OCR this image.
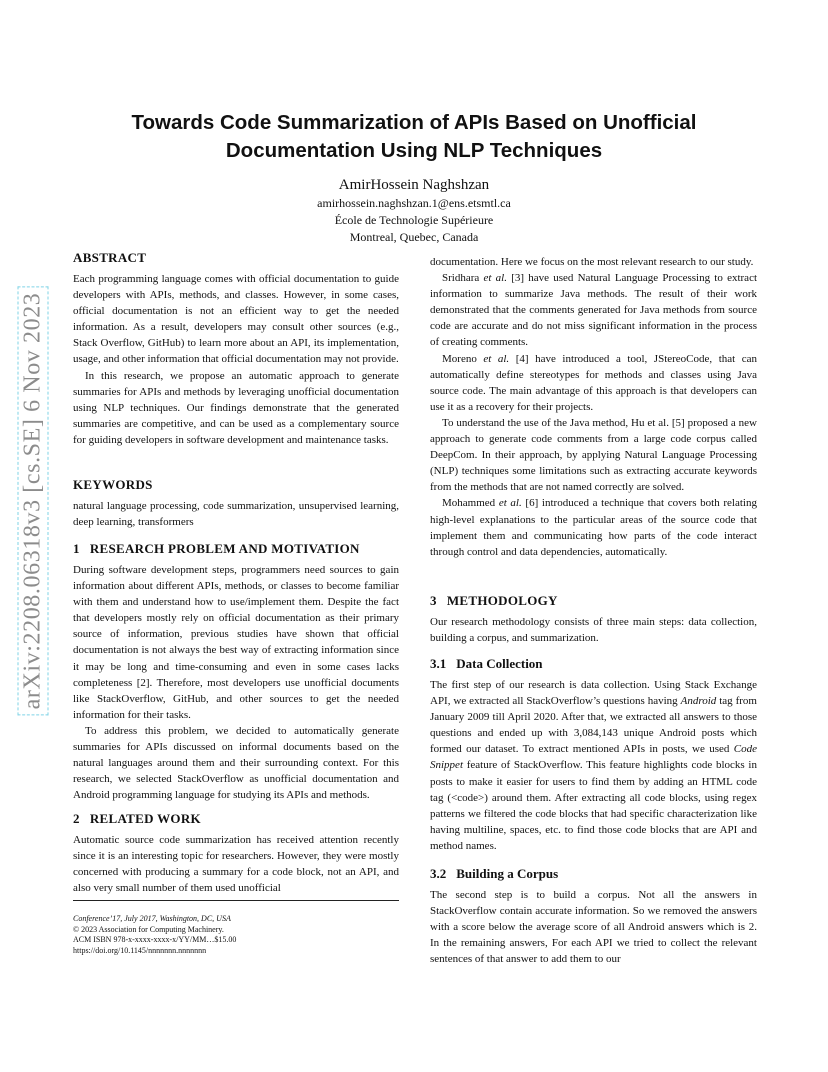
Towards Code Summarization of APIs Based on Unofficial
Documentation Using NLP Techniques
AmirHossein Naghshzan
amirhossein.naghshzan.1@ens.etsmtl.ca
École de Technologie Supérieure
Montreal, Quebec, Canada
arXiv:2208.06318v3 [cs.SE] 6 Nov 2023
ABSTRACT

Each programming language comes with official documentation to guide developers with APIs, methods, and classes. However, in some cases, official documentation is not an efficient way to get the needed information. As a result, developers may consult other sources (e.g., Stack Overflow, GitHub) to learn more about an API, its implementation, usage, and other information that official documentation may not provide.

In this research, we propose an automatic approach to generate summaries for APIs and methods by leveraging unofficial documentation using NLP techniques. Our findings demonstrate that the generated summaries are competitive, and can be used as a complementary source for guiding developers in software development and maintenance tasks.

KEYWORDS

natural language processing, code summarization, unsupervised learning, deep learning, transformers

1 RESEARCH PROBLEM AND MOTIVATION

During software development steps, programmers need sources to gain information about different APIs, methods, or classes to become familiar with them and understand how to use/implement them. Despite the fact that developers mostly rely on official documentation as their primary source of information, previous studies have shown that official documentation is not always the best way of extracting information since it may be long and time-consuming and even in some cases lacks completeness [2]. Therefore, most developers use unofficial documents like StackOverflow, GitHub, and other sources to get the needed information for their tasks.

To address this problem, we decided to automatically generate summaries for APIs discussed on informal documents based on the natural languages around them and their surrounding context. For this research, we selected StackOverflow as unofficial documentation and Android programming language for studying its APIs and methods.

2 RELATED WORK

Automatic source code summarization has received attention recently since it is an interesting topic for researchers. However, they were mostly concerned with producing a summary for a code block, not an API, and also very small number of them used unofficial

Conference’17, July 2017, Washington, DC, USA
© 2023 Association for Computing Machinery.
ACM ISBN 978-x-xxxx-xxxx-x/YY/MM…$15.00
https://doi.org/10.1145/nnnnnnn.nnnnnnn

documentation. Here we focus on the most relevant research to our study.

Sridhara et al. [3] have used Natural Language Processing to extract information to summarize Java methods. The result of their work demonstrated that the comments generated for Java methods from source code are accurate and do not miss significant information in the process of creating comments.

Moreno et al. [4] have introduced a tool, JStereoCode, that can automatically define stereotypes for methods and classes using Java source code. The main advantage of this approach is that developers can use it as a recovery for their projects.

To understand the use of the Java method, Hu et al. [5] proposed a new approach to generate code comments from a large code corpus called DeepCom. In their approach, by applying Natural Language Processing (NLP) techniques some limitations such as extracting accurate keywords from the methods that are not named correctly are solved.

Mohammed et al. [6] introduced a technique that covers both relating high-level explanations to the particular areas of the source code that implement them and communicating how parts of the code interact through control and data dependencies, automatically.

3 METHODOLOGY

Our research methodology consists of three main steps: data collection, building a corpus, and summarization.

3.1 Data Collection

The first step of our research is data collection. Using Stack Exchange API, we extracted all StackOverflow’s questions having Android tag from January 2009 till April 2020. After that, we extracted all answers to those questions and ended up with 3,084,143 unique Android posts which formed our dataset. To extract mentioned APIs in posts, we used Code Snippet feature of StackOverflow. This feature highlights code blocks in posts to make it easier for users to find them by adding an HTML code tag (<code>) around them. After extracting all code blocks, using regex patterns we filtered the code blocks that had specific characterization like having multiline, spaces, etc. to find those code blocks that are API and method names.

3.2 Building a Corpus

The second step is to build a corpus. Not all the answers in StackOverflow contain accurate information. So we removed the answers with a score below the average score of all Android answers which is 2. In the remaining answers, For each API we tried to collect the relevant sentences of that answer to add them to our
